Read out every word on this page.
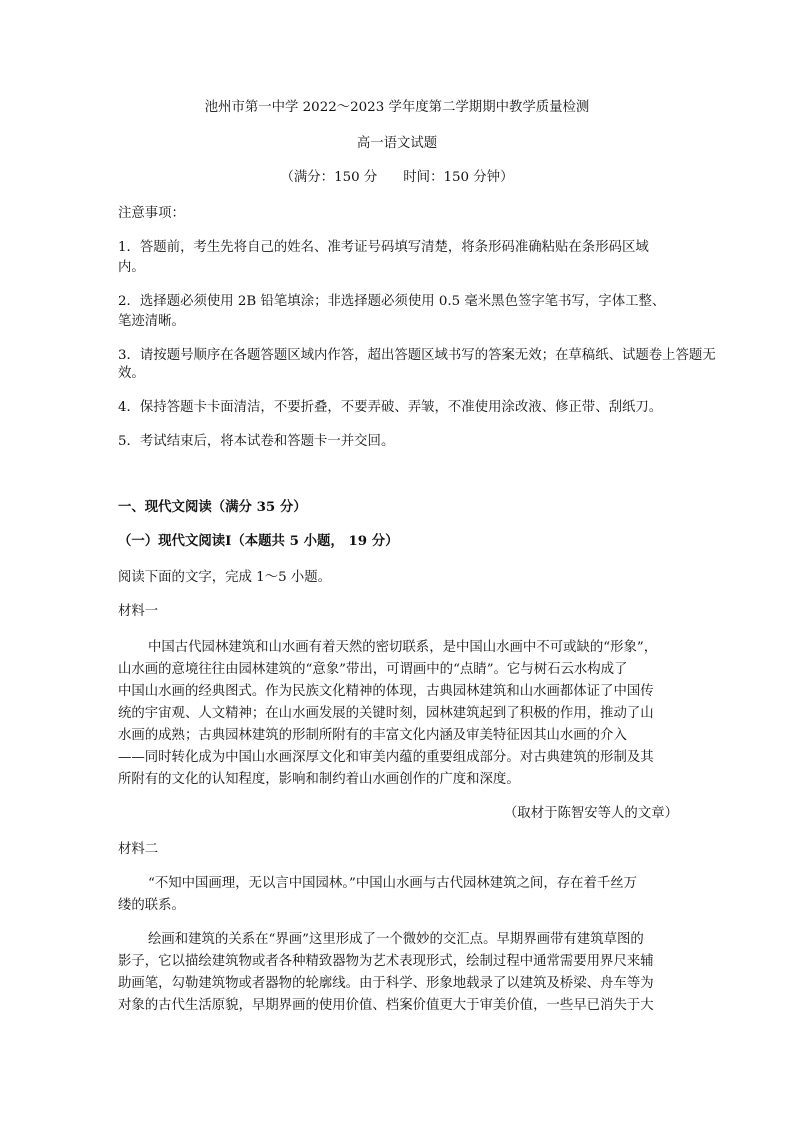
池州市第一中学 2022～2023 学年度第二学期期中教学质量检测
高一语文试题
（满分：150 分 时间：150 分钟）
注意事项：
1．答题前，考生先将自己的姓名、准考证号码填写清楚，将条形码准确粘贴在条形码区域
内。
2．选择题必须使用 2B 铅笔填涂；非选择题必须使用 0.5 毫米黑色签字笔书写，字体工整、
笔迹清晰。
3．请按题号顺序在各题答题区域内作答，超出答题区域书写的答案无效；在草稿纸、试题卷上答题无
效。
4．保持答题卡卡面清洁，不要折叠，不要弄破、弄皱，不准使用涂改液、修正带、刮纸刀。
5．考试结束后，将本试卷和答题卡一并交回。
一、现代文阅读（满分 35 分）
（一）现代文阅读Ⅰ（本题共 5 小题， 19 分）
阅读下面的文字，完成 1～5 小题。
材料一
中国古代园林建筑和山水画有着天然的密切联系，是中国山水画中不可或缺的“形象”，
山水画的意境往往由园林建筑的“意象”带出，可谓画中的“点睛”。它与树石云水构成了
中国山水画的经典图式。作为民族文化精神的体现，古典园林建筑和山水画都体证了中国传
统的宇宙观、人文精神；在山水画发展的关键时刻，园林建筑起到了积极的作用，推动了山
水画的成熟；古典园林建筑的形制所附有的丰富文化内涵及审美特征因其山水画的介入
——同时转化成为中国山水画深厚文化和审美内蕴的重要组成部分。对古典建筑的形制及其
所附有的文化的认知程度，影响和制约着山水画创作的广度和深度。
（取材于陈智安等人的文章）
材料二
“不知中国画理，无以言中国园林。”中国山水画与古代园林建筑之间，存在着千丝万
缕的联系。
绘画和建筑的关系在“界画”这里形成了一个微妙的交汇点。早期界画带有建筑草图的
影子，它以描绘建筑物或者各种精致器物为艺术表现形式，绘制过程中通常需要用界尺来辅
助画笔，勾勒建筑物或者器物的轮廓线。由于科学、形象地载录了以建筑及桥梁、舟车等为
对象的古代生活原貌，早期界画的使用价值、档案价值更大于审美价值，一些早已消失于大
